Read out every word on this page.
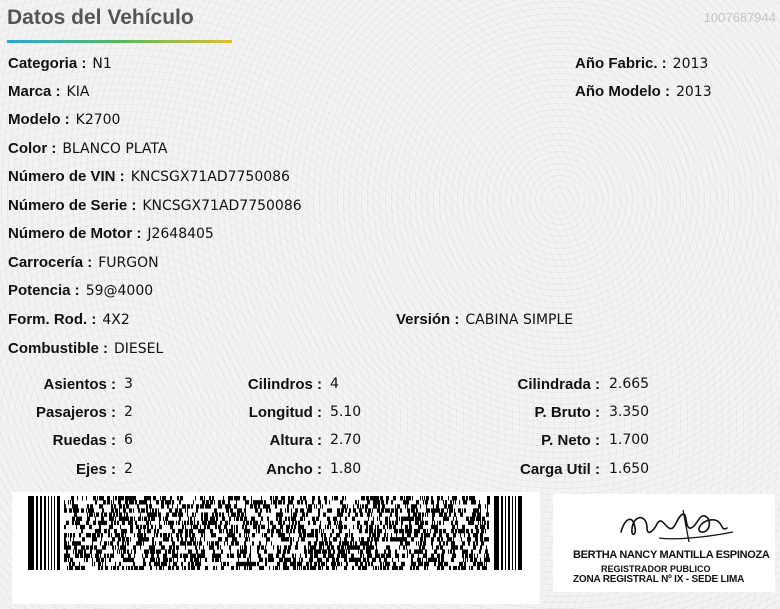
Datos del Vehículo	1007687944
Categoria : N1
Marca : KIA
Modelo : K2700
Color : BLANCO PLATA
Número de VIN : KNCSGX71AD7750086
Número de Serie : KNCSGX71AD7750086
Número de Motor : J2648405
Carrocería : FURGON
Potencia : 59@4000
Form. Rod. : 4X2
Combustible : DIESEL
Año Fabric. : 2013
Año Modelo : 2013
Versión : CABINA SIMPLE
Asientos : 3
Pasajeros : 2
Ruedas : 6
Ejes : 2
Cilindros : 4
Longitud : 5.10
Altura : 2.70
Ancho : 1.80
Cilindrada : 2.665
P. Bruto : 3.350
P. Neto : 1.700
Carga Util : 1.650
BERTHA NANCY MANTILLA ESPINOZA
REGISTRADOR PUBLICO
ZONA REGISTRAL Nº IX - SEDE LIMA
